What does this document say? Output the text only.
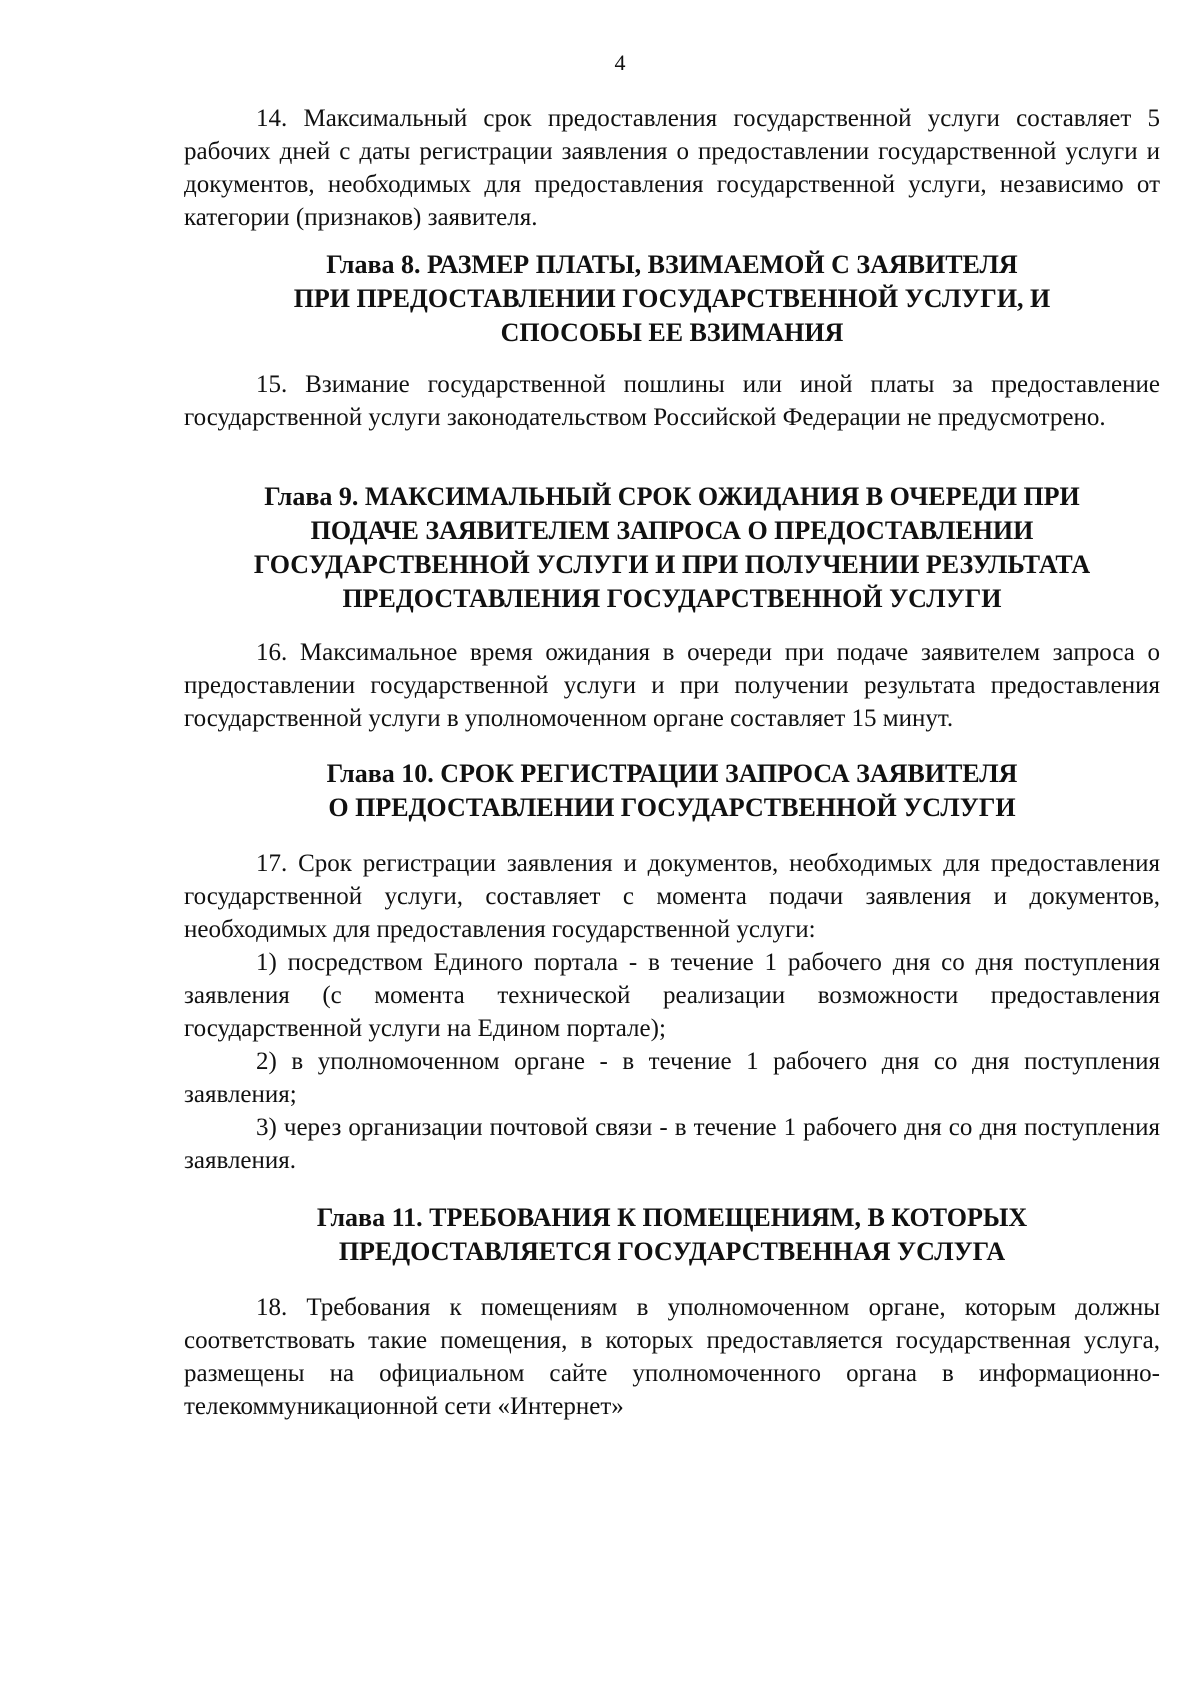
4

14. Максимальный срок предоставления государственной услуги составляет 5 рабочих дней с даты регистрации заявления о предоставлении государственной услуги и документов, необходимых для предоставления государственной услуги, независимо от категории (признаков) заявителя.

Глава 8. РАЗМЕР ПЛАТЫ, ВЗИМАЕМОЙ С ЗАЯВИТЕЛЯ
ПРИ ПРЕДОСТАВЛЕНИИ ГОСУДАРСТВЕННОЙ УСЛУГИ, И
СПОСОБЫ ЕЕ ВЗИМАНИЯ

15. Взимание государственной пошлины или иной платы за предоставление государственной услуги законодательством Российской Федерации не предусмотрено.

Глава 9. МАКСИМАЛЬНЫЙ СРОК ОЖИДАНИЯ В ОЧЕРЕДИ ПРИ
ПОДАЧЕ ЗАЯВИТЕЛЕМ ЗАПРОСА О ПРЕДОСТАВЛЕНИИ
ГОСУДАРСТВЕННОЙ УСЛУГИ И ПРИ ПОЛУЧЕНИИ РЕЗУЛЬТАТА
ПРЕДОСТАВЛЕНИЯ ГОСУДАРСТВЕННОЙ УСЛУГИ

16. Максимальное время ожидания в очереди при подаче заявителем запроса о предоставлении государственной услуги и при получении результата предоставления государственной услуги в уполномоченном органе составляет 15 минут.

Глава 10. СРОК РЕГИСТРАЦИИ ЗАПРОСА ЗАЯВИТЕЛЯ
О ПРЕДОСТАВЛЕНИИ ГОСУДАРСТВЕННОЙ УСЛУГИ

17. Срок регистрации заявления и документов, необходимых для предоставления государственной услуги, составляет с момента подачи заявления и документов, необходимых для предоставления государственной услуги:

1) посредством Единого портала - в течение 1 рабочего дня со дня поступления заявления (с момента технической реализации возможности предоставления государственной услуги на Едином портале);

2) в уполномоченном органе - в течение 1 рабочего дня со дня поступления заявления;

3) через организации почтовой связи - в течение 1 рабочего дня со дня поступления заявления.

Глава 11. ТРЕБОВАНИЯ К ПОМЕЩЕНИЯМ, В КОТОРЫХ
ПРЕДОСТАВЛЯЕТСЯ ГОСУДАРСТВЕННАЯ УСЛУГА

18. Требования к помещениям в уполномоченном органе, которым должны соответствовать такие помещения, в которых предоставляется государственная услуга, размещены на официальном сайте уполномоченного органа в информационно-телекоммуникационной сети «Интернет»
